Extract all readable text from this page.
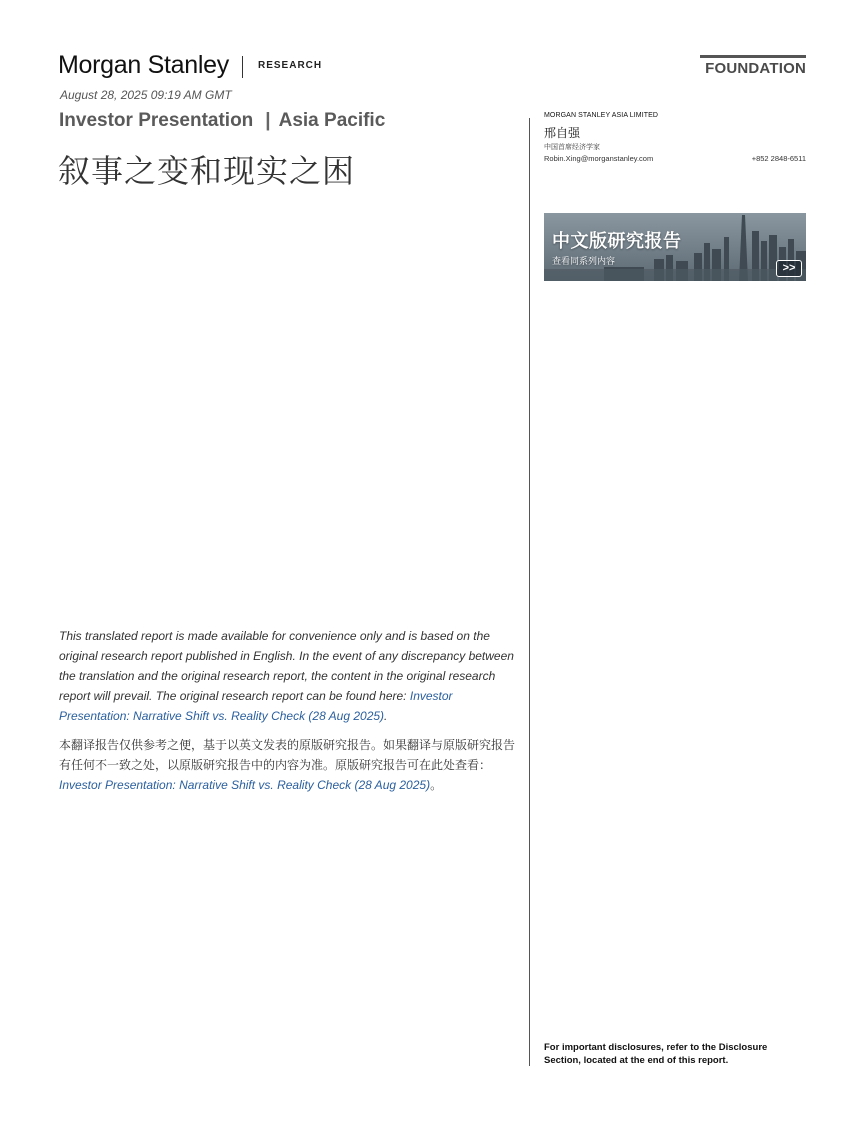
Morgan Stanley	RESEARCH	FOUNDATION
August 28, 2025 09:19 AM GMT
Investor Presentation | Asia Pacific
叙事之变和现实之困
MORGAN STANLEY ASIA LIMITED
邢自强
中国首席经济学家
Robin.Xing@morganstanley.com	+852 2848-6511
中文版研究报告
查看同系列内容
>>
This translated report is made available for convenience only and is based on the original research report published in English. In the event of any discrepancy between the translation and the original research report, the content in the original research report will prevail. The original research report can be found here: Investor Presentation: Narrative Shift vs. Reality Check (28 Aug 2025).
本翻译报告仅供参考之便，基于以英文发表的原版研究报告。如果翻译与原版研究报告有任何不一致之处，以原版研究报告中的内容为准。原版研究报告可在此处查看：Investor Presentation: Narrative Shift vs. Reality Check (28 Aug 2025)。
For important disclosures, refer to the Disclosure Section, located at the end of this report.
